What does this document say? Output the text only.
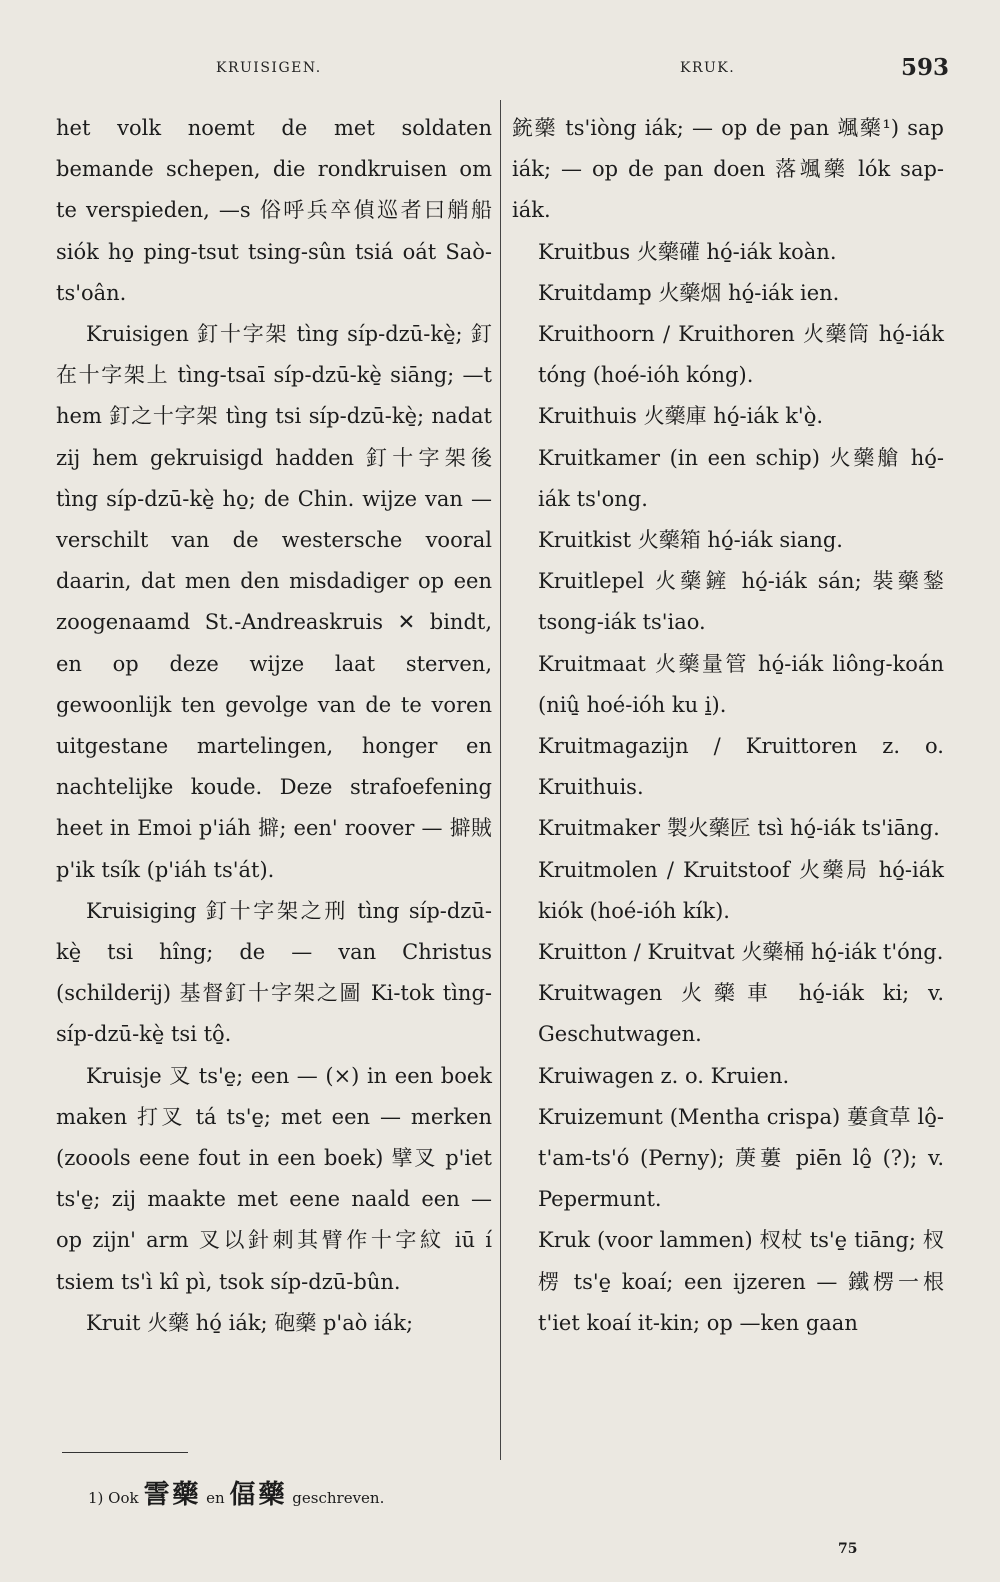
KRUISIGEN.	KRUK.	593

het volk noemt de met soldaten bemande schepen, die rondkruisen om te verspieden, —s 俗呼兵卒偵巡者曰艄船 siók ho̱ ping-tsut tsing-sûn tsiá oát Saò-ts'oân.

Kruisigen 釘十字架 tìng síp-dzū-kè̱; 釘在十字架上 tìng-tsaī síp-dzū-kè̱ siāng; —t hem 釘之十字架 tìng tsi síp-dzū-kè̱; nadat zij hem gekruisigd hadden 釘十字架後 tìng síp-dzū-kè̱ ho̱; de Chin. wijze van — verschilt van de westersche vooral daarin, dat men den misdadiger op een zoogenaamd St.-Andreaskruis ✕ bindt, en op deze wijze laat sterven, gewoonlijk ten gevolge van de te voren uitgestane martelingen, honger en nachtelijke koude. Deze strafoefening heet in Emoi p'iáh 擗; een' roover — 擗賊 p'ik tsík (p'iáh ts'át).

Kruisiging 釘十字架之刑 tìng síp-dzū-kè̱ tsi hîng; de — van Christus (schilderij) 基督釘十字架之圖 Ki-tok tìng-síp-dzū-kè̱ tsi tô̱.

Kruisje 叉 ts'e̱; een — (×) in een boek maken 打叉 tá ts'e̱; met een — merken (zoools eene fout in een boek) 擘叉 p'iet ts'e̱; zij maakte met eene naald een — op zijn' arm 叉以針刺其臂作十字紋 iū í tsiem ts'ì kî pì, tsok síp-dzū-bûn.

Kruit 火藥 hó̱ iák; 砲藥 p'aò iák;

銃藥 ts'iòng iák; — op de pan 颯藥¹) sap iák; — op de pan doen 落颯藥 lók sap-iák.

Kruitbus 火藥礶 hó̱-iák koàn.

Kruitdamp 火藥烟 hó̱-iák ien.

Kruithoorn / Kruithoren 火藥筒 hó̱-iák tóng (hoé-ióh kóng).

Kruithuis 火藥庫 hó̱-iák k'ò̱.

Kruitkamer (in een schip) 火藥艙 hó̱-iák ts'ong.

Kruitkist 火藥箱 hó̱-iák siang.

Kruitlepel 火藥鏟 hó̱-iák sán; 裝藥鍫 tsong-iák ts'iao.

Kruitmaat 火藥量管 hó̱-iák liông-koán (niû̱ hoé-ióh ku i̱).

Kruitmagazijn / Kruittoren z. o. Kruithuis.

Kruitmaker 製火藥匠 tsì hó̱-iák ts'iāng.

Kruitmolen / Kruitstoof 火藥局 hó̱-iák kiók (hoé-ióh kík).

Kruitton / Kruitvat 火藥桶 hó̱-iák t'óng.

Kruitwagen 火藥車 hó̱-iák ki; v. Geschutwagen.

Kruiwagen z. o. Kruien.

Kruizemunt (Mentha crispa) 蔞貪草 lô̱-t'am-ts'ó (Perny); 菮蔞 piēn lô̱ (?); v. Pepermunt.

Kruk (voor lammen) 杈杖 ts'e̱ tiāng; 杈楞 ts'e̱ koaí; een ijzeren — 鐵楞一根 t'iet koaí it-kin; op —ken gaan

1) Ook 霅藥 en 偪藥 geschreven.
75
